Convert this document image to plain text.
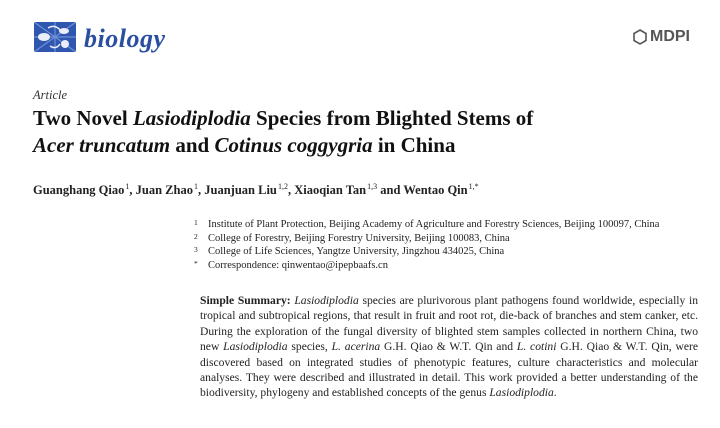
biology	MDPI
Article
Two Novel Lasiodiplodia Species from Blighted Stems of
Acer truncatum and Cotinus coggygria in China
Guanghang Qiao $^1$, Juan Zhao $^1$, Juanjuan Liu $^{1,2}$, Xiaoqian Tan $^{1,3}$ and Wentao Qin $^{1,*}$
1 Institute of Plant Protection, Beijing Academy of Agriculture and Forestry Sciences, Beijing 100097, China
2 College of Forestry, Beijing Forestry University, Beijing 100083, China
3 College of Life Sciences, Yangtze University, Jingzhou 434025, China
* Correspondence: qinwentao@ipepbaafs.cn
Simple Summary: Lasiodiplodia species are plurivorous plant pathogens found worldwide, especially in tropical and subtropical regions, that result in fruit and root rot, die-back of branches and stem canker, etc. During the exploration of the fungal diversity of blighted stem samples collected in northern China, two new Lasiodiplodia species, L. acerina G.H. Qiao & W.T. Qin and L. cotini G.H. Qiao & W.T. Qin, were discovered based on integrated studies of phenotypic features, culture characteristics and molecular analyses. They were described and illustrated in detail. This work provided a better understanding of the biodiversity, phylogeny and established concepts of the genus Lasiodiplodia.
